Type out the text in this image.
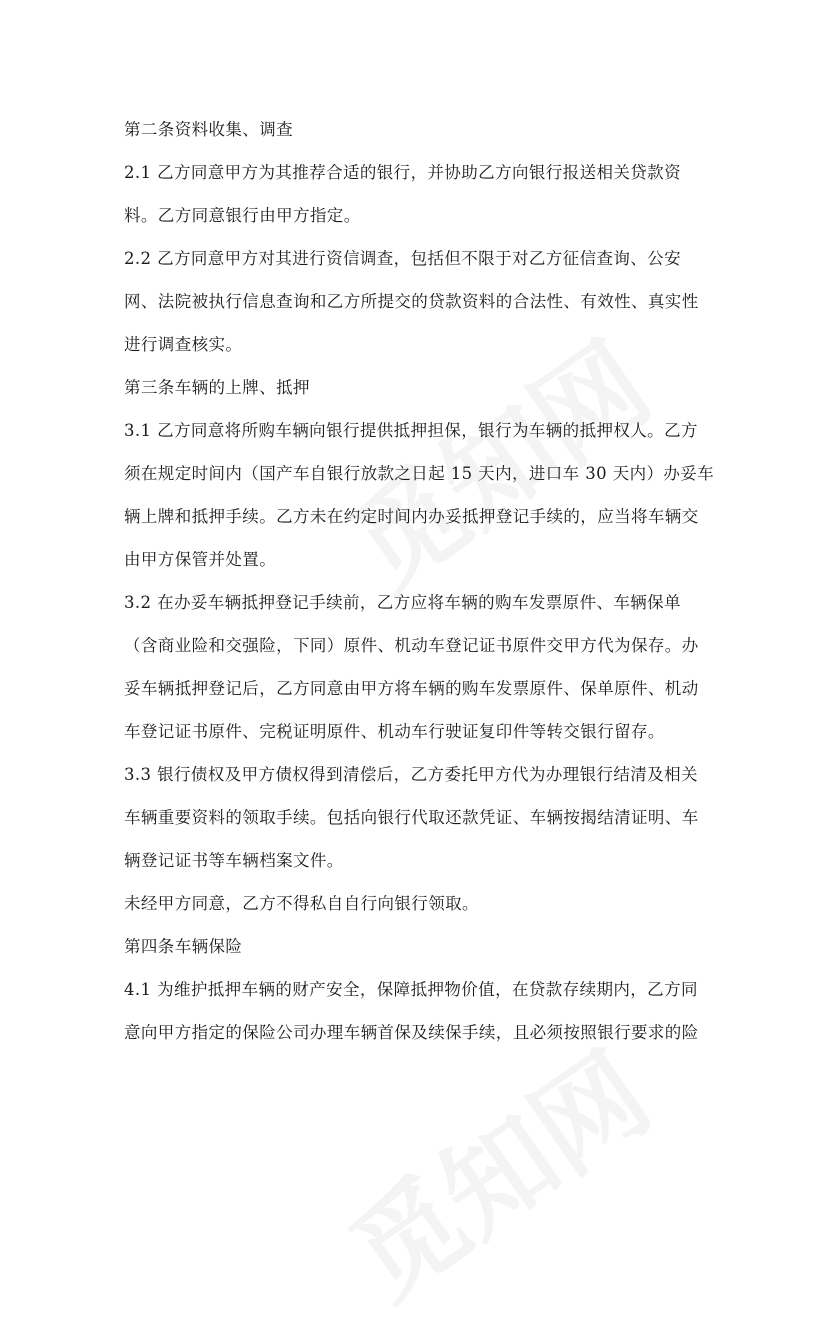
第二条资料收集、调查
2.1 乙方同意甲方为其推荐合适的银行，并协助乙方向银行报送相关贷款资
料。乙方同意银行由甲方指定。
2.2 乙方同意甲方对其进行资信调查，包括但不限于对乙方征信查询、公安
网、法院被执行信息查询和乙方所提交的贷款资料的合法性、有效性、真实性
进行调查核实。
第三条车辆的上牌、抵押
3.1 乙方同意将所购车辆向银行提供抵押担保，银行为车辆的抵押权人。乙方
须在规定时间内（国产车自银行放款之日起 15 天内，进口车 30 天内）办妥车
辆上牌和抵押手续。乙方未在约定时间内办妥抵押登记手续的，应当将车辆交
由甲方保管并处置。
3.2 在办妥车辆抵押登记手续前，乙方应将车辆的购车发票原件、车辆保单
（含商业险和交强险，下同）原件、机动车登记证书原件交甲方代为保存。办
妥车辆抵押登记后，乙方同意由甲方将车辆的购车发票原件、保单原件、机动
车登记证书原件、完税证明原件、机动车行驶证复印件等转交银行留存。
3.3 银行债权及甲方债权得到清偿后，乙方委托甲方代为办理银行结清及相关
车辆重要资料的领取手续。包括向银行代取还款凭证、车辆按揭结清证明、车
辆登记证书等车辆档案文件。
未经甲方同意，乙方不得私自自行向银行领取。
第四条车辆保险
4.1 为维护抵押车辆的财产安全，保障抵押物价值，在贷款存续期内，乙方同
意向甲方指定的保险公司办理车辆首保及续保手续，且必须按照银行要求的险
